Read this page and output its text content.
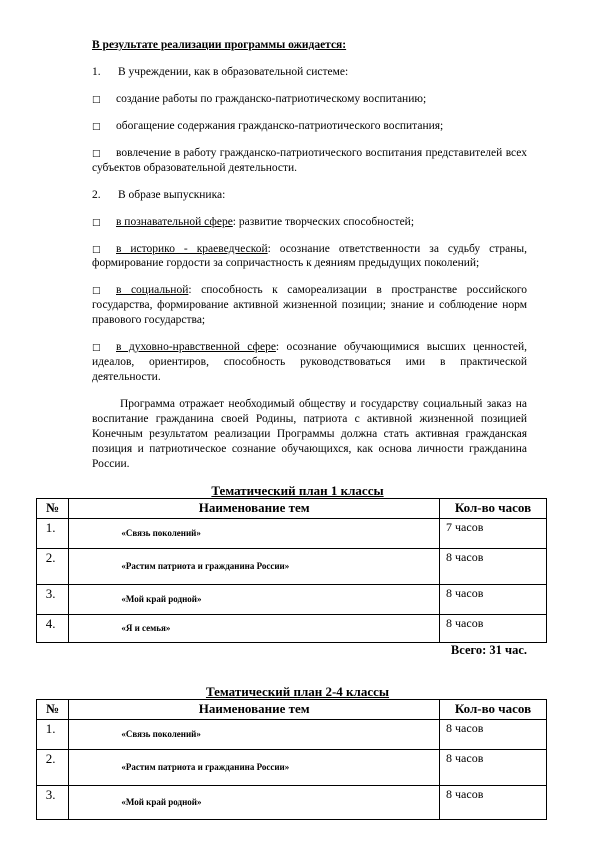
В результате реализации программы ожидается:

1. В учреждении, как в образовательной системе:

□ создание работы по гражданско-патриотическому воспитанию;

□ обогащение содержания гражданско-патриотического воспитания;

□ вовлечение в работу гражданско-патриотического воспитания представителей всех субъектов образовательной деятельности.

2. В образе выпускника:

□ в познавательной сфере: развитие творческих способностей;

□ в историко - краеведческой: осознание ответственности за судьбу страны, формирование гордости за сопричастность к деяниям предыдущих поколений;

□ в социальной: способность к самореализации в пространстве российского государства, формирование активной жизненной позиции; знание и соблюдение норм правового государства;

□ в духовно-нравственной сфере: осознание обучающимися высших ценностей, идеалов, ориентиров, способность руководствоваться ими в практической деятельности.

Программа отражает необходимый обществу и государству социальный заказ на воспитание гражданина своей Родины, патриота с активной жизненной позицией Конечным результатом реализации Программы должна стать активная гражданская позиция и патриотическое сознание обучающихся, как основа личности гражданина России.

Тематический план 1 классы

№	Наименование тем	Кол-во часов
1.	«Связь поколений»	7 часов
2.	«Растим патриота и гражданина России»	8 часов
3.	«Мой край родной»	8 часов
4.	«Я и семья»	8 часов
Всего: 31 час.

Тематический план 2-4 классы

№	Наименование тем	Кол-во часов
1.	«Связь поколений»	8 часов
2.	«Растим патриота и гражданина России»	8 часов
3.	«Мой край родной»	8 часов
